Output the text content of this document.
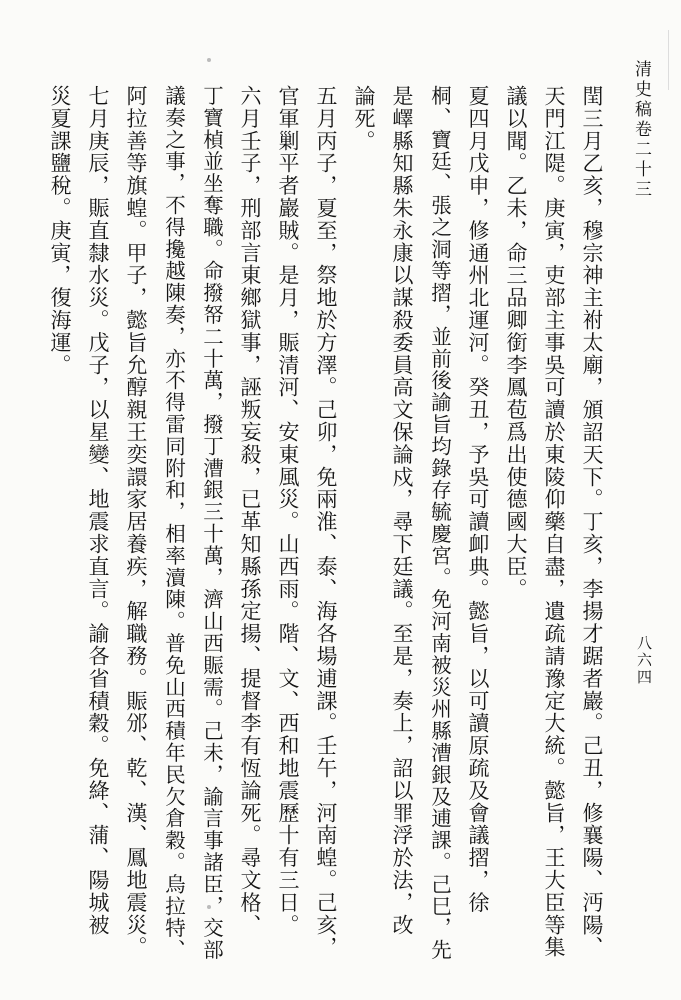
清史稿卷二十三
八六四
閏三月乙亥，穆宗神主祔太廟，頒詔天下。丁亥，李揚才踞者巖。己丑，修襄陽、沔陽、
天門江隄。庚寅，吏部主事吳可讀於東陵仰藥自盡，遺疏請豫定大統。懿旨，王大臣等集
議以聞。乙未，命三品卿銜李鳳苞爲出使德國大臣。
夏四月戊申，修通州北運河。癸丑，予吳可讀卹典。懿旨，以可讀原疏及會議摺，徐
桐、寶廷、張之洞等摺，並前後諭旨均錄存毓慶宮。免河南被災州縣漕銀及逋課。己巳，先
是嶧縣知縣朱永康以謀殺委員高文保論戍，尋下廷議。至是，奏上，詔以罪浮於法，改
論死。
五月丙子，夏至，祭地於方澤。己卯，免兩淮、泰、海各場逋課。壬午，河南蝗。己亥，
官軍剿平者巖賊。是月，賑清河、安東風災。山西雨。階、文、西和地震歷十有三日。
六月壬子，刑部言東鄉獄事，誣叛妄殺，已革知縣孫定揚、提督李有恆論死。尋文格、
丁寶楨並坐奪職。命撥帑二十萬，撥丁漕銀三十萬，濟山西賑需。己未，諭言事諸臣，交部
議奏之事，不得攙越陳奏，亦不得雷同附和，相率瀆陳。普免山西積年民欠倉穀。烏拉特、
阿拉善等旗蝗。甲子，懿旨允醇親王奕譞家居養疾，解職務。賑邠、乾、漢、鳳地震災。
七月庚辰，賑直隸水災。戊子，以星變、地震求直言。諭各省積穀。免絳、蒲、陽城被
災夏課鹽稅。庚寅，復海運。
